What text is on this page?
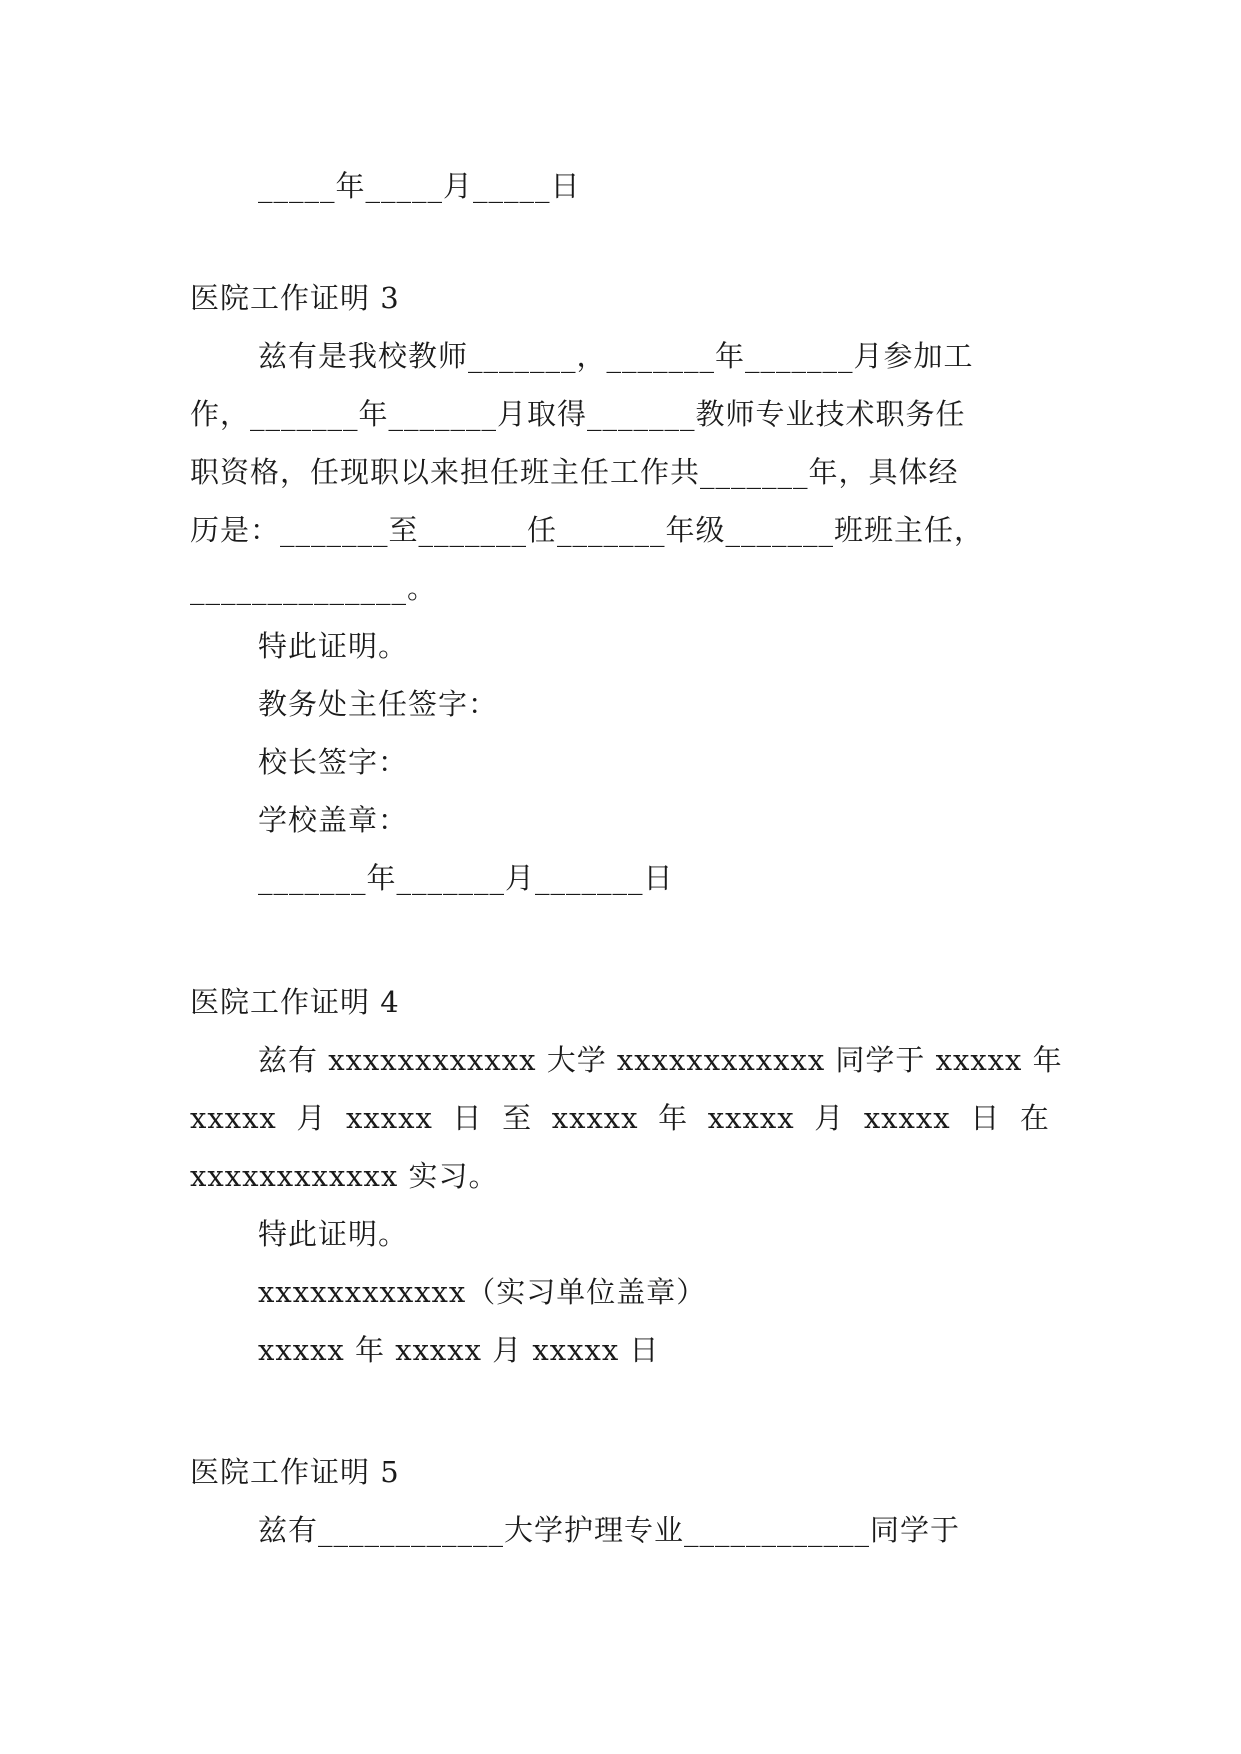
_____年_____月_____日
医院工作证明 3
兹有是我校教师_______，_______年_______月参加工
作，_______年_______月取得_______教师专业技术职务任
职资格，任现职以来担任班主任工作共_______年，具体经
历是：_______至_______任_______年级_______班班主任，
______________。
特此证明。
教务处主任签字：
校长签字：
学校盖章：
_______年_______月_______日
医院工作证明 4
兹有 xxxxxxxxxxxx 大学 xxxxxxxxxxxx 同学于 xxxxx 年
xxxxx 月 xxxxx 日 至 xxxxx 年 xxxxx 月 xxxxx 日 在
xxxxxxxxxxxx 实习。
特此证明。
xxxxxxxxxxxx（实习单位盖章）
xxxxx 年 xxxxx 月 xxxxx 日
医院工作证明 5
兹有____________大学护理专业____________同学于
